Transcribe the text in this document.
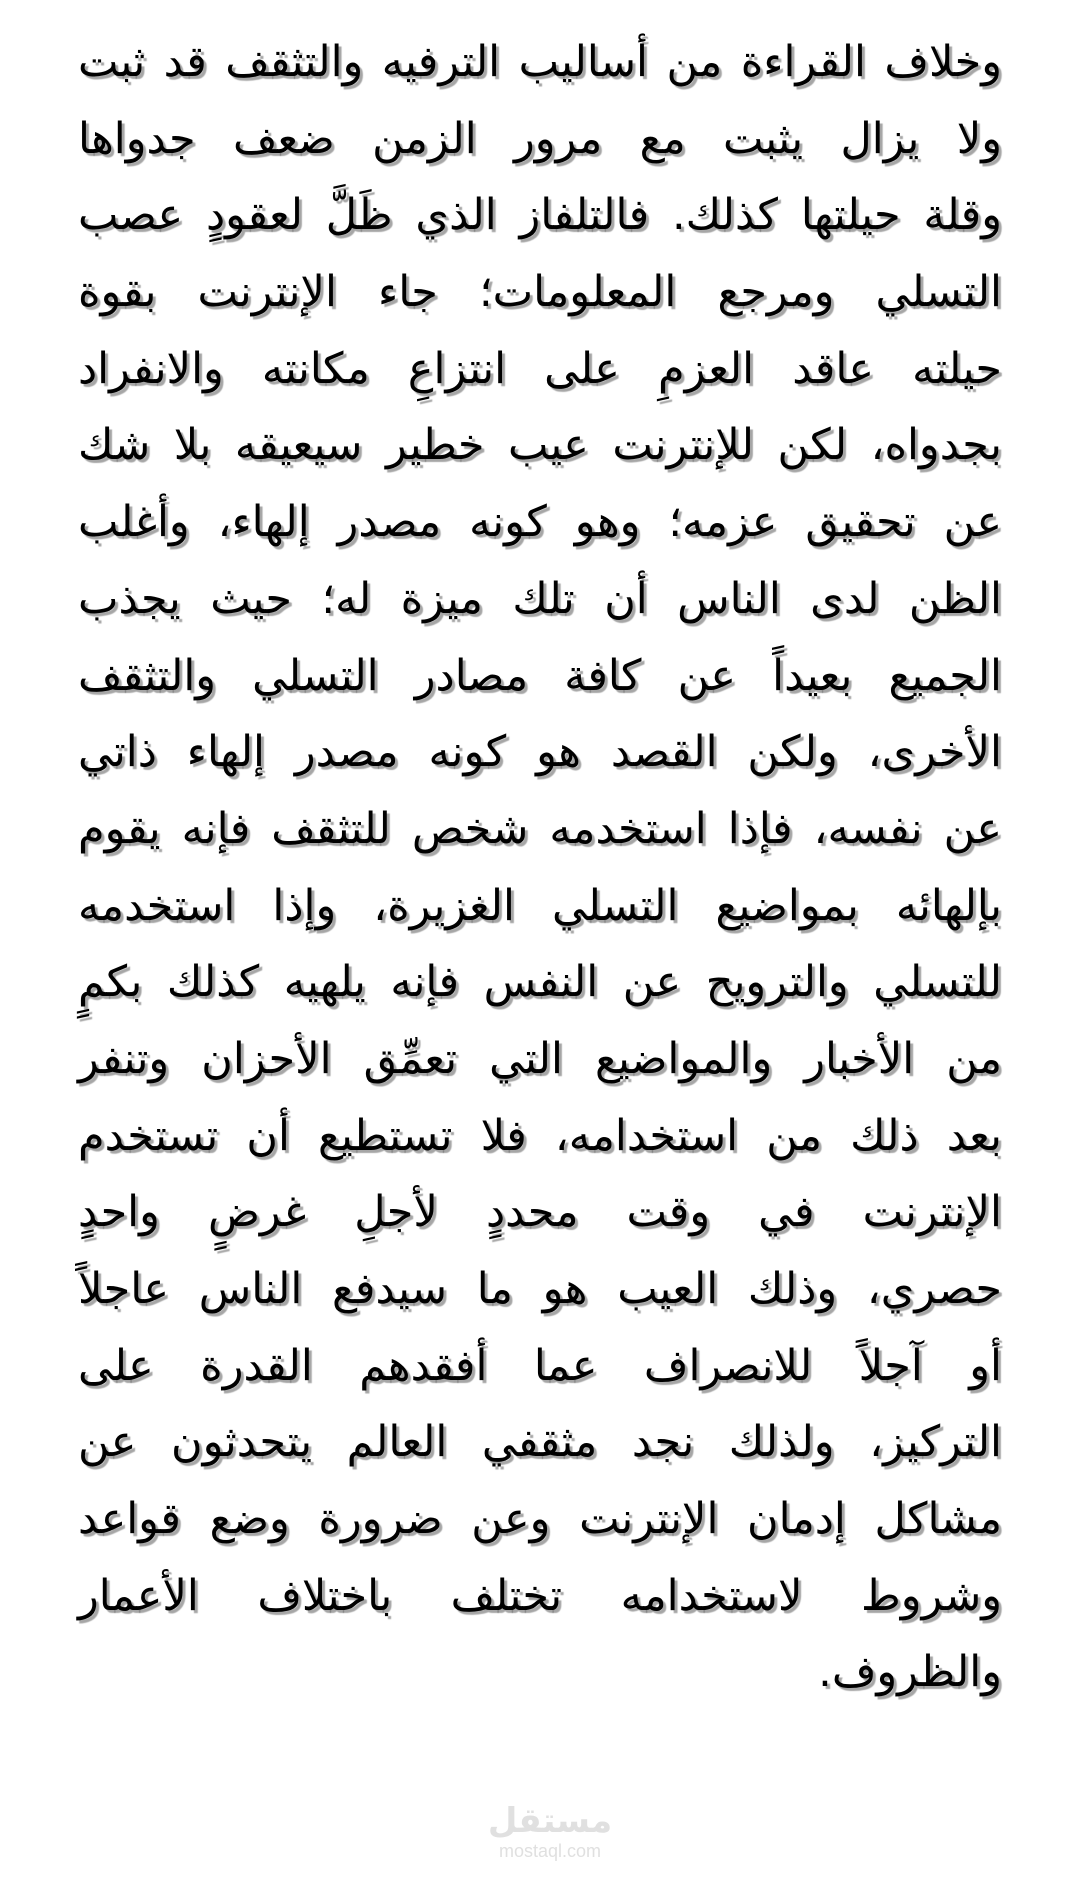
وخلاف القراءة من أساليب الترفيه والتثقف قد ثبت
ولا يزال يثبت مع مرور الزمن ضعف جدواها
وقلة حيلتها كذلك. فالتلفاز الذي ظَلَّ لعقودٍ عصب
التسلي ومرجع المعلومات؛ جاء الإنترنت بقوة
حيلته عاقد العزمِ على انتزاعِ مكانته والانفراد
بجدواه، لكن للإنترنت عيب خطير سيعيقه بلا شك
عن تحقيق عزمه؛ وهو كونه مصدر إلهاء، وأغلب
الظن لدى الناس أن تلك ميزة له؛ حيث يجذب
الجميع بعيداً عن كافة مصادر التسلي والتثقف
الأخرى، ولكن القصد هو كونه مصدر إلهاء ذاتي
عن نفسه، فإذا استخدمه شخص للتثقف فإنه يقوم
بإلهائه بمواضيع التسلي الغزيرة، وإذا استخدمه
للتسلي والترويح عن النفس فإنه يلهيه كذلك بكمٍ
من الأخبار والمواضيع التي تعمِّق الأحزان وتنفر
بعد ذلك من استخدامه، فلا تستطيع أن تستخدم
الإنترنت في وقت محددٍ لأجلِ غرضٍ واحدٍ
حصري، وذلك العيب هو ما سيدفع الناس عاجلاً
أو آجلاً للانصراف عما أفقدهم القدرة على
التركيز، ولذلك نجد مثقفي العالم يتحدثون عن
مشاكل إدمان الإنترنت وعن ضرورة وضع قواعد
وشروط لاستخدامه تختلف باختلاف الأعمار
والظروف.
مستقل
mostaql.com
